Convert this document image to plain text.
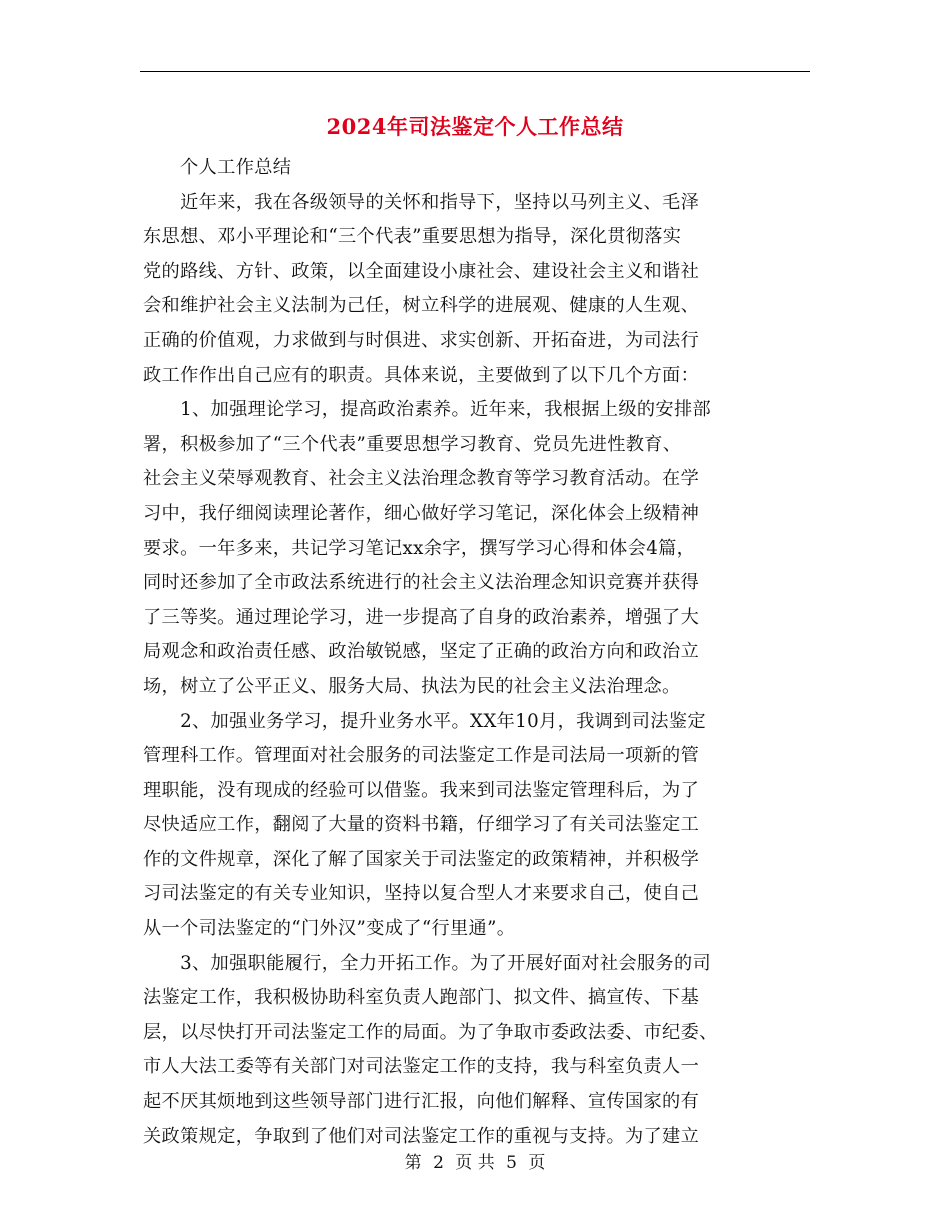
2024年司法鉴定个人工作总结
　　个人工作总结
　　近年来，我在各级领导的关怀和指导下，坚持以马列主义、毛泽
东思想、邓小平理论和“三个代表”重要思想为指导，深化贯彻落实
党的路线、方针、政策，以全面建设小康社会、建设社会主义和谐社
会和维护社会主义法制为己任，树立科学的进展观、健康的人生观、
正确的价值观，力求做到与时俱进、求实创新、开拓奋进，为司法行
政工作作出自己应有的职责。具体来说，主要做到了以下几个方面：
　　1、加强理论学习，提高政治素养。近年来，我根据上级的安排部
署，积极参加了“三个代表”重要思想学习教育、党员先进性教育、
社会主义荣辱观教育、社会主义法治理念教育等学习教育活动。在学
习中，我仔细阅读理论著作，细心做好学习笔记，深化体会上级精神
要求。一年多来，共记学习笔记xx余字，撰写学习心得和体会4篇，
同时还参加了全市政法系统进行的社会主义法治理念知识竞赛并获得
了三等奖。通过理论学习，进一步提高了自身的政治素养，增强了大
局观念和政治责任感、政治敏锐感，坚定了正确的政治方向和政治立
场，树立了公平正义、服务大局、执法为民的社会主义法治理念。
　　2、加强业务学习，提升业务水平。XX年10月，我调到司法鉴定
管理科工作。管理面对社会服务的司法鉴定工作是司法局一项新的管
理职能，没有现成的经验可以借鉴。我来到司法鉴定管理科后，为了
尽快适应工作，翻阅了大量的资料书籍，仔细学习了有关司法鉴定工
作的文件规章，深化了解了国家关于司法鉴定的政策精神，并积极学
习司法鉴定的有关专业知识，坚持以复合型人才来要求自己，使自己
从一个司法鉴定的“门外汉”变成了“行里通”。
　　3、加强职能履行，全力开拓工作。为了开展好面对社会服务的司
法鉴定工作，我积极协助科室负责人跑部门、拟文件、搞宣传、下基
层，以尽快打开司法鉴定工作的局面。为了争取市委政法委、市纪委、
市人大法工委等有关部门对司法鉴定工作的支持，我与科室负责人一
起不厌其烦地到这些领导部门进行汇报，向他们解释、宣传国家的有
关政策规定，争取到了他们对司法鉴定工作的重视与支持。为了建立
第 2 页 共 5 页
